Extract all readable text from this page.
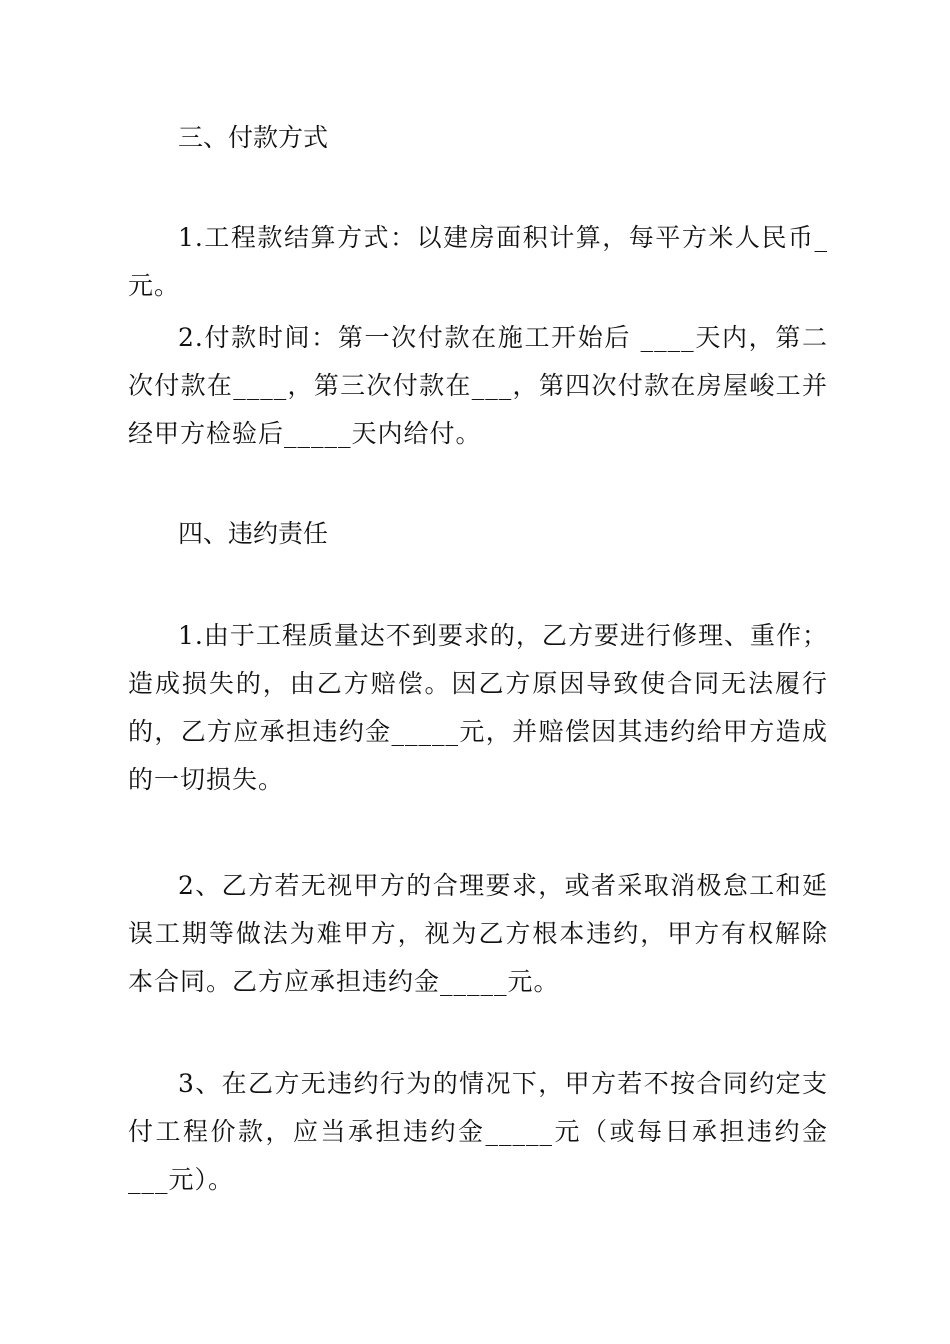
三、付款方式

1.工程款结算方式：以建房面积计算，每平方米人民币_元。

2.付款时间：第一次付款在施工开始后 ____天内，第二次付款在____，第三次付款在___，第四次付款在房屋峻工并经甲方检验后_____天内给付。

四、违约责任

1.由于工程质量达不到要求的，乙方要进行修理、重作；造成损失的，由乙方赔偿。因乙方原因导致使合同无法履行的，乙方应承担违约金_____元，并赔偿因其违约给甲方造成的一切损失。

2、乙方若无视甲方的合理要求，或者采取消极怠工和延误工期等做法为难甲方，视为乙方根本违约，甲方有权解除本合同。乙方应承担违约金_____元。

3、在乙方无违约行为的情况下，甲方若不按合同约定支付工程价款，应当承担违约金_____元（或每日承担违约金___元）。
